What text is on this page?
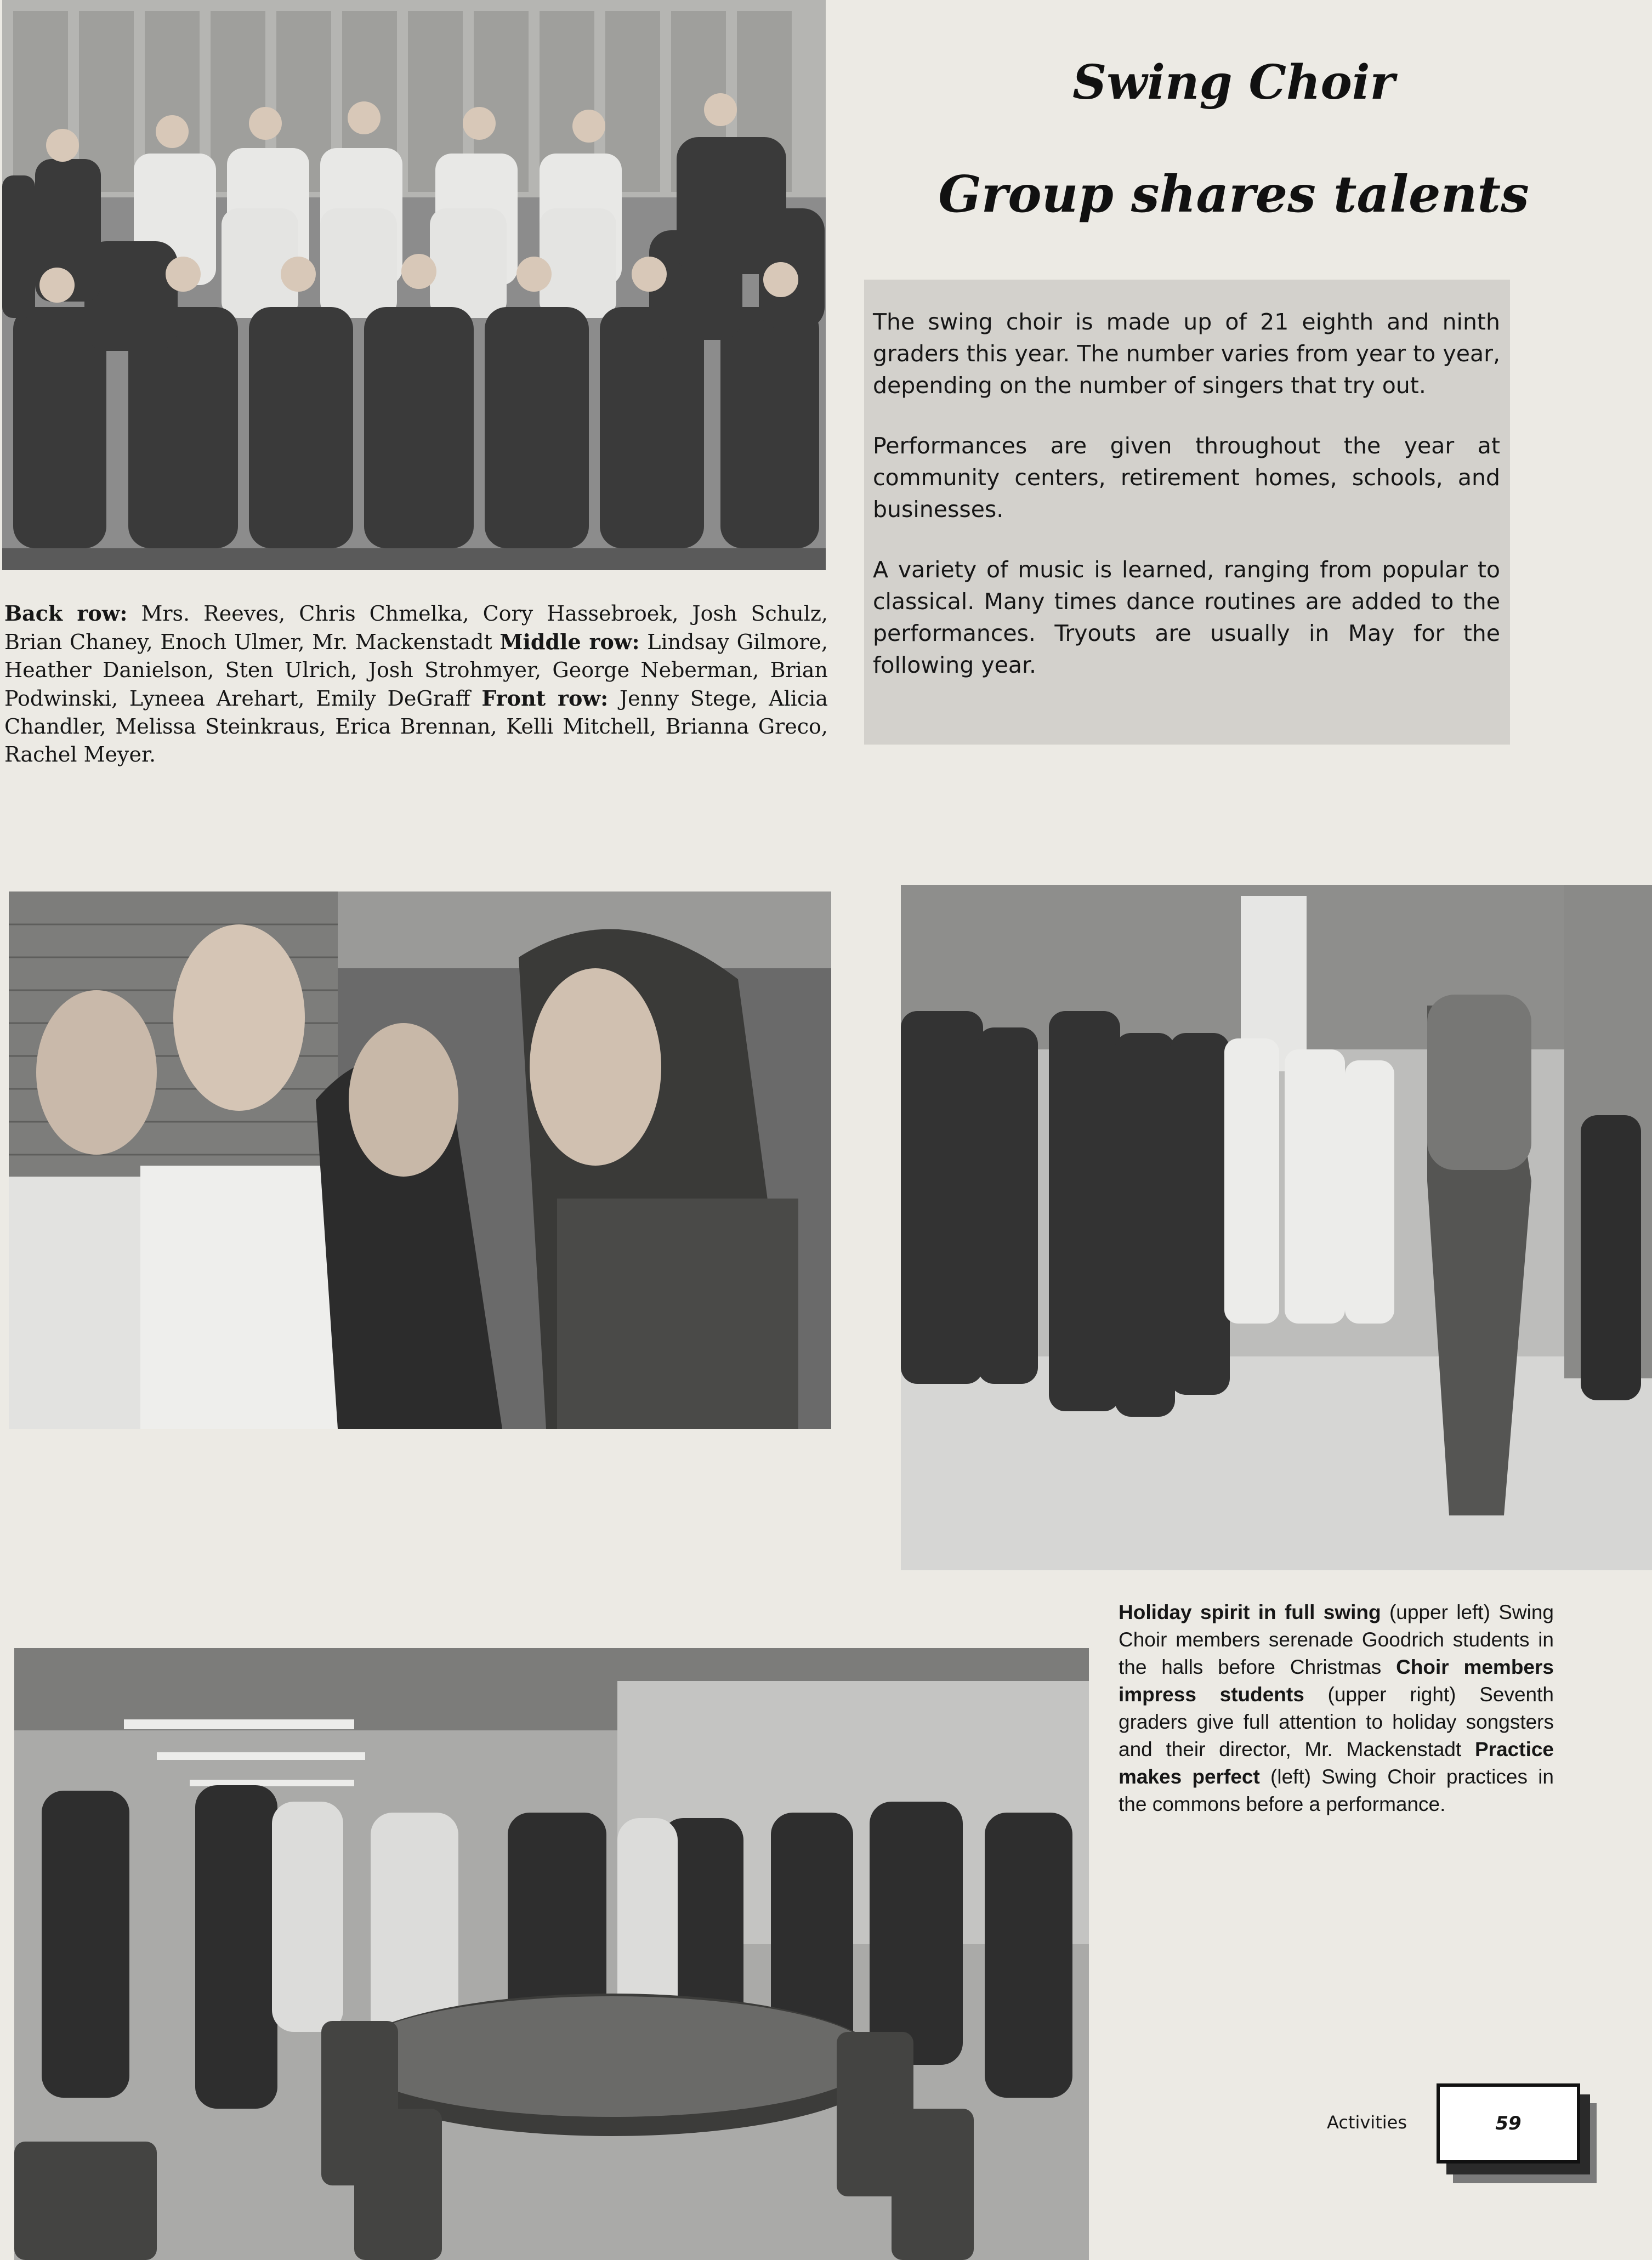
Swing Choir
Group shares talents
Back row: Mrs. Reeves, Chris Chmelka, Cory Hassebroek, Josh Schulz, Brian Chaney, Enoch Ulmer, Mr. Mackenstadt Middle row: Lindsay Gilmore, Heather Danielson, Sten Ulrich, Josh Strohmyer, George Neberman, Brian Podwinski, Lyneea Arehart, Emily DeGraff Front row: Jenny Stege, Alicia Chandler, Melissa Steinkraus, Erica Brennan, Kelli Mitchell, Brianna Greco, Rachel Meyer.

The swing choir is made up of 21 eighth and ninth graders this year. The number varies from year to year, depending on the number of singers that try out.

Performances are given throughout the year at community centers, retirement homes, schools, and businesses.

A variety of music is learned, ranging from popular to classical. Many times dance routines are added to the performances. Tryouts are usually in May for the following year.

Holiday spirit in full swing (upper left) Swing Choir members serenade Goodrich students in the halls before Christmas Choir members impress students (upper right) Seventh graders give full attention to holiday songsters and their director, Mr. Mackenstadt Practice makes perfect (left) Swing Choir practices in the commons before a performance.
59
Activities
